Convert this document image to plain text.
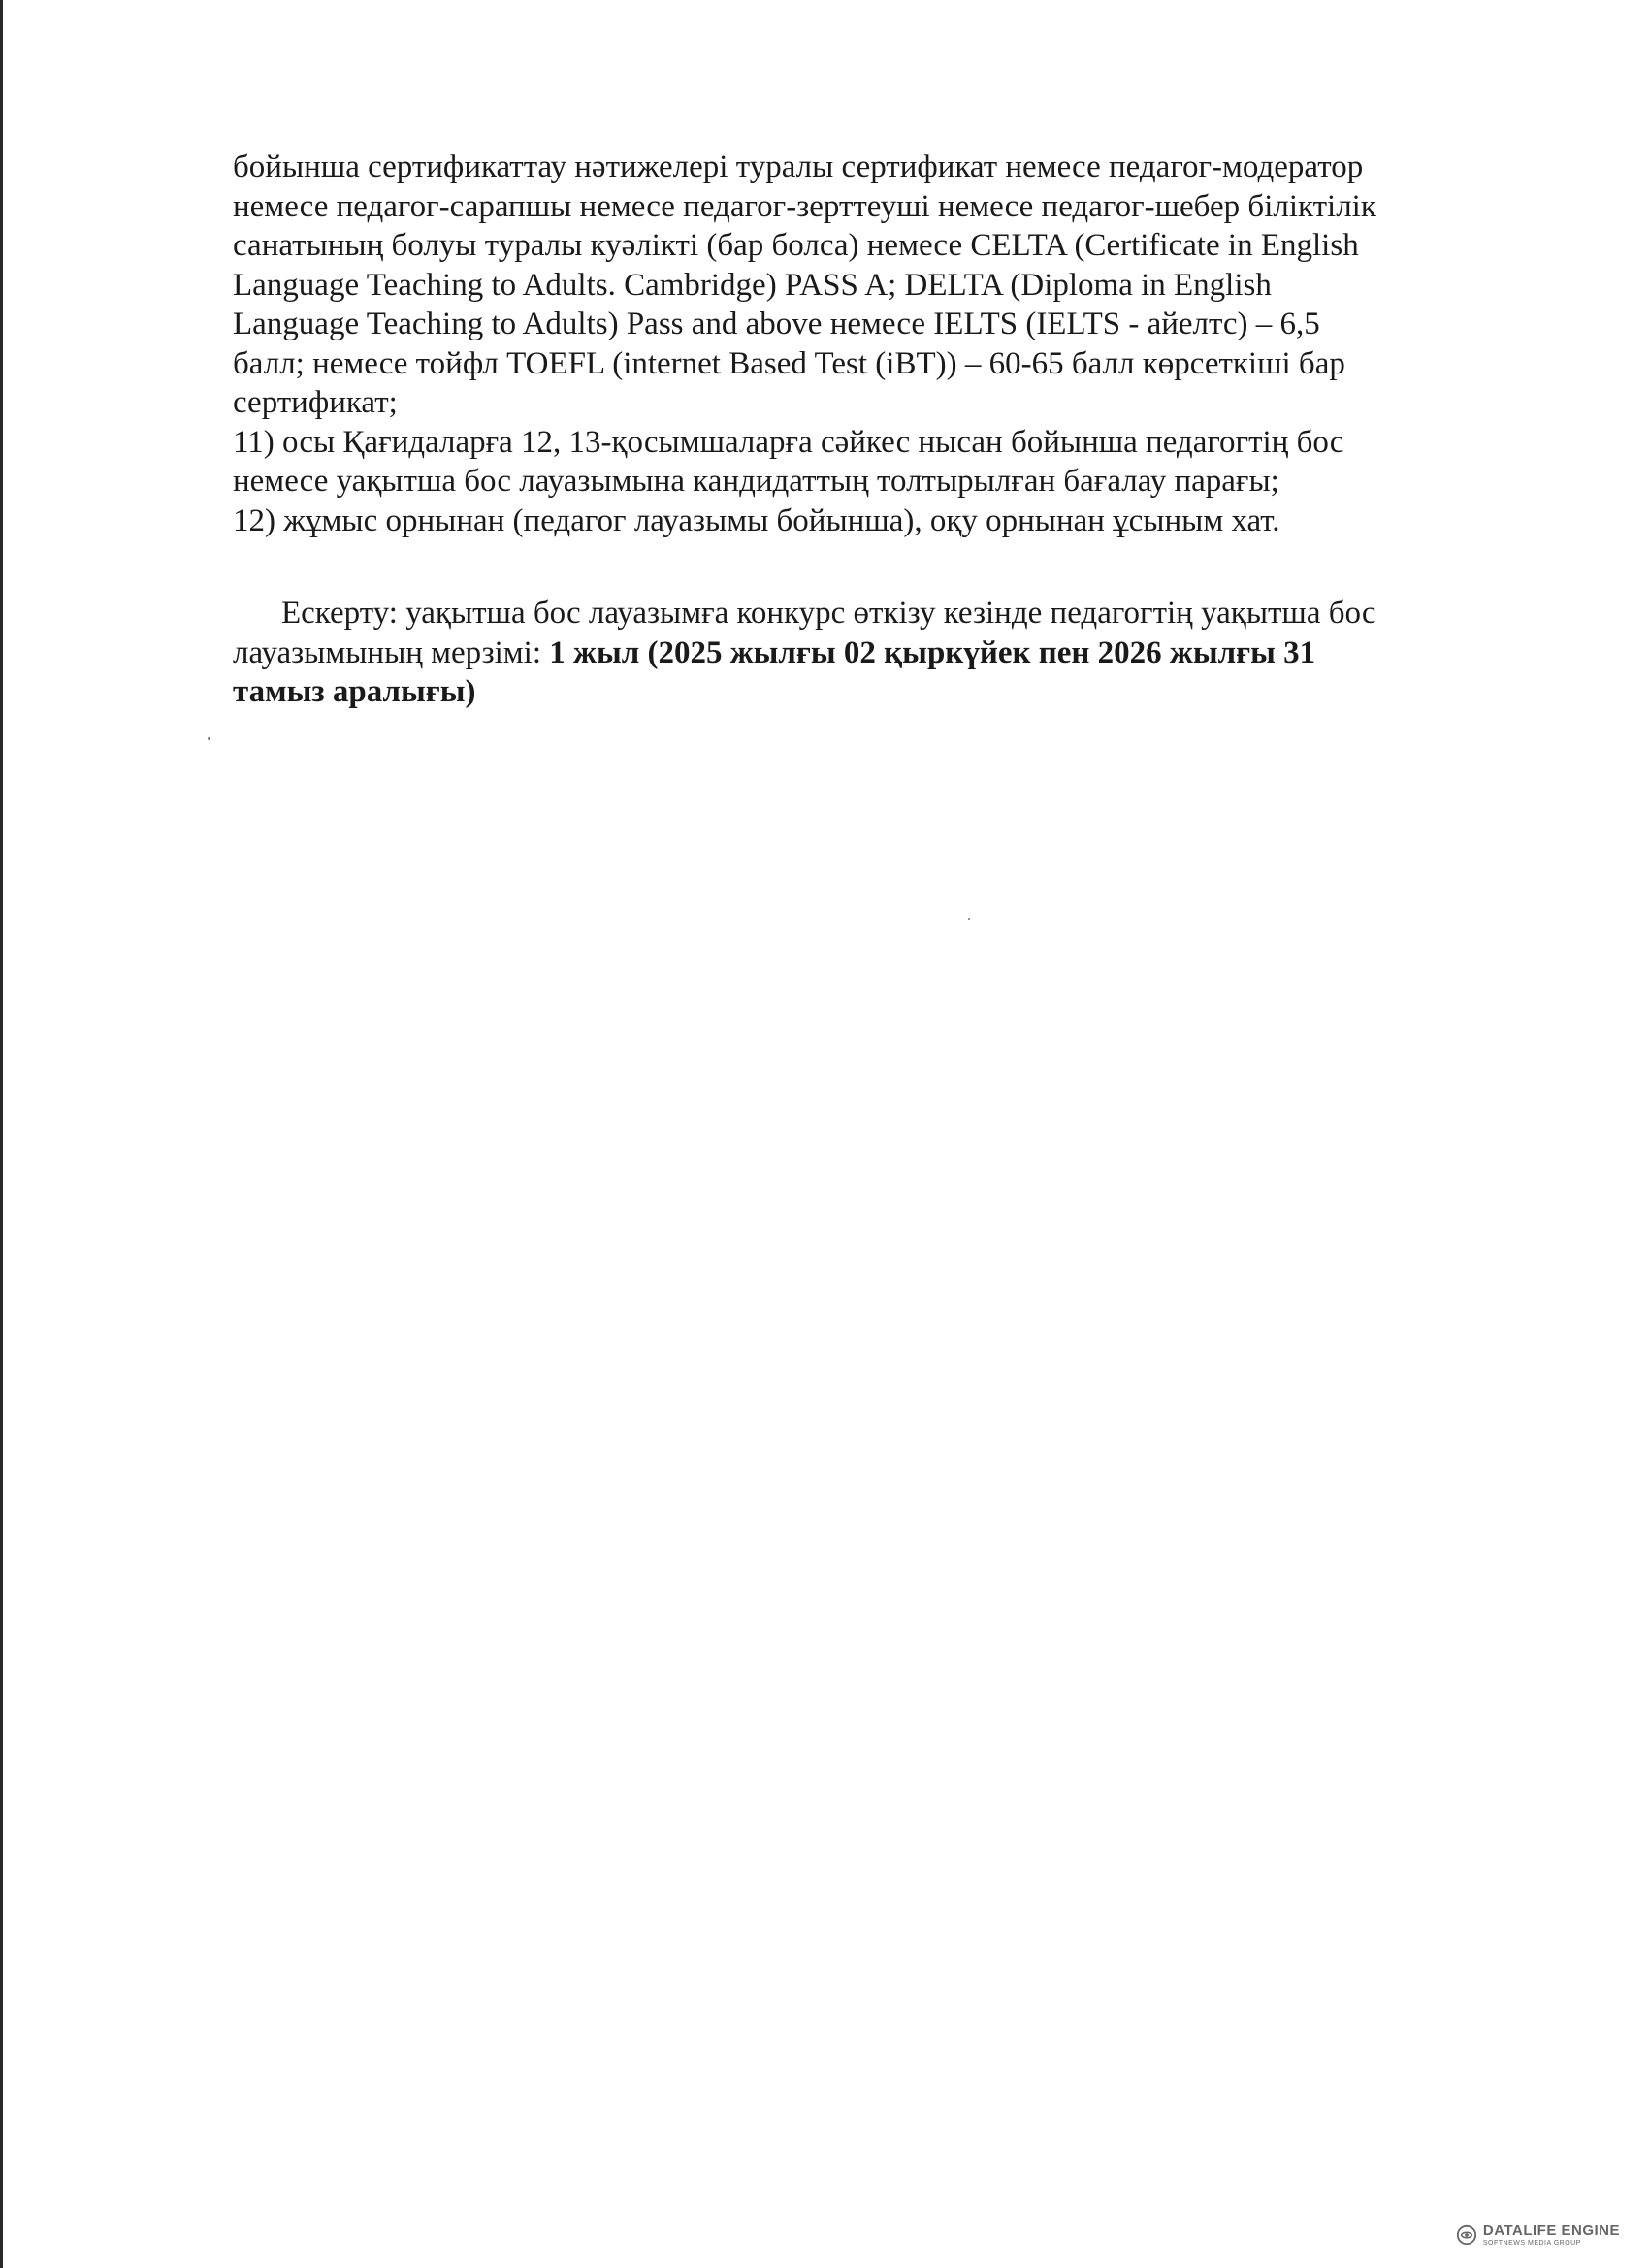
бойынша сертификаттау нәтижелері туралы сертификат немесе педагог-модератор
немесе педагог-сарапшы немесе педагог-зерттеуші немесе педагог-шебер біліктілік
санатының болуы туралы куәлікті (бар болса) немесе CELTA (Certificate in English
Language Teaching to Adults. Cambridge) PASS A; DELTA (Diploma in English
Language Teaching to Adults) Pass and above немесе IELTS (IELTS - айелтс) – 6,5
балл; немесе тойфл TOEFL (internet Based Test (iBT)) – 60-65 балл көрсеткіші бар
сертификат;
11) осы Қағидаларға 12, 13-қосымшаларға сәйкес нысан бойынша педагогтің бос
немесе уақытша бос лауазымына кандидаттың толтырылған бағалау парағы;
12) жұмыс орнынан (педагог лауазымы бойынша), оқу орнынан ұсыным хат.
Ескерту: уақытша бос лауазымға конкурс өткізу кезінде педагогтің уақытша бос
лауазымының мерзімі: 1 жыл (2025 жылғы 02 қыркүйек пен 2026 жылғы 31
тамыз аралығы)
DATALIFE ENGINE
SOFTNEWS MEDIA GROUP
